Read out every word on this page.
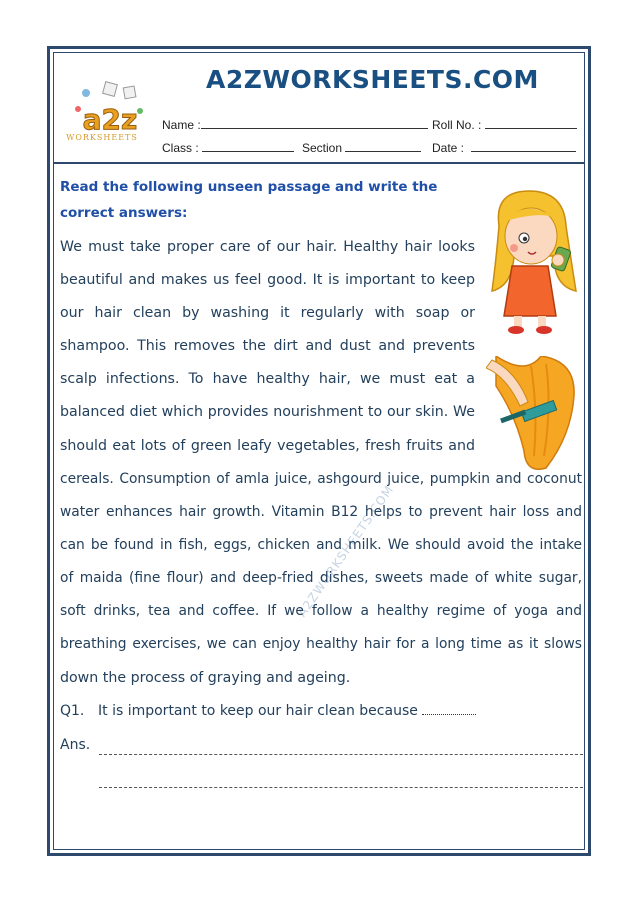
a2z
WORKSHEETS
A2ZWORKSHEETS.COM
Name :	Roll No. :
Class :	Section	Date :
Read the following unseen passage and write the correct answers:
A2ZWORKSHEETS.COM
We must take proper care of our hair. Healthy hair looks
beautiful and makes us feel good. It is important to keep
our hair clean by washing it regularly with soap or
shampoo. This removes the dirt and dust and prevents
scalp infections. To have healthy hair, we must eat a
balanced diet which provides nourishment to our skin. We
should eat lots of green leafy vegetables, fresh fruits and
cereals. Consumption of amla juice, ashgourd juice, pumpkin and coconut
water enhances hair growth. Vitamin B12 helps to prevent hair loss and
can be found in fish, eggs, chicken and milk. We should avoid the intake
of maida (fine flour) and deep-fried dishes, sweets made of white sugar,
soft drinks, tea and coffee. If we follow a healthy regime of yoga and
breathing exercises, we can enjoy healthy hair for a long time as it slows
down the process of graying and ageing.
Q1. It is important to keep our hair clean because
Ans.
